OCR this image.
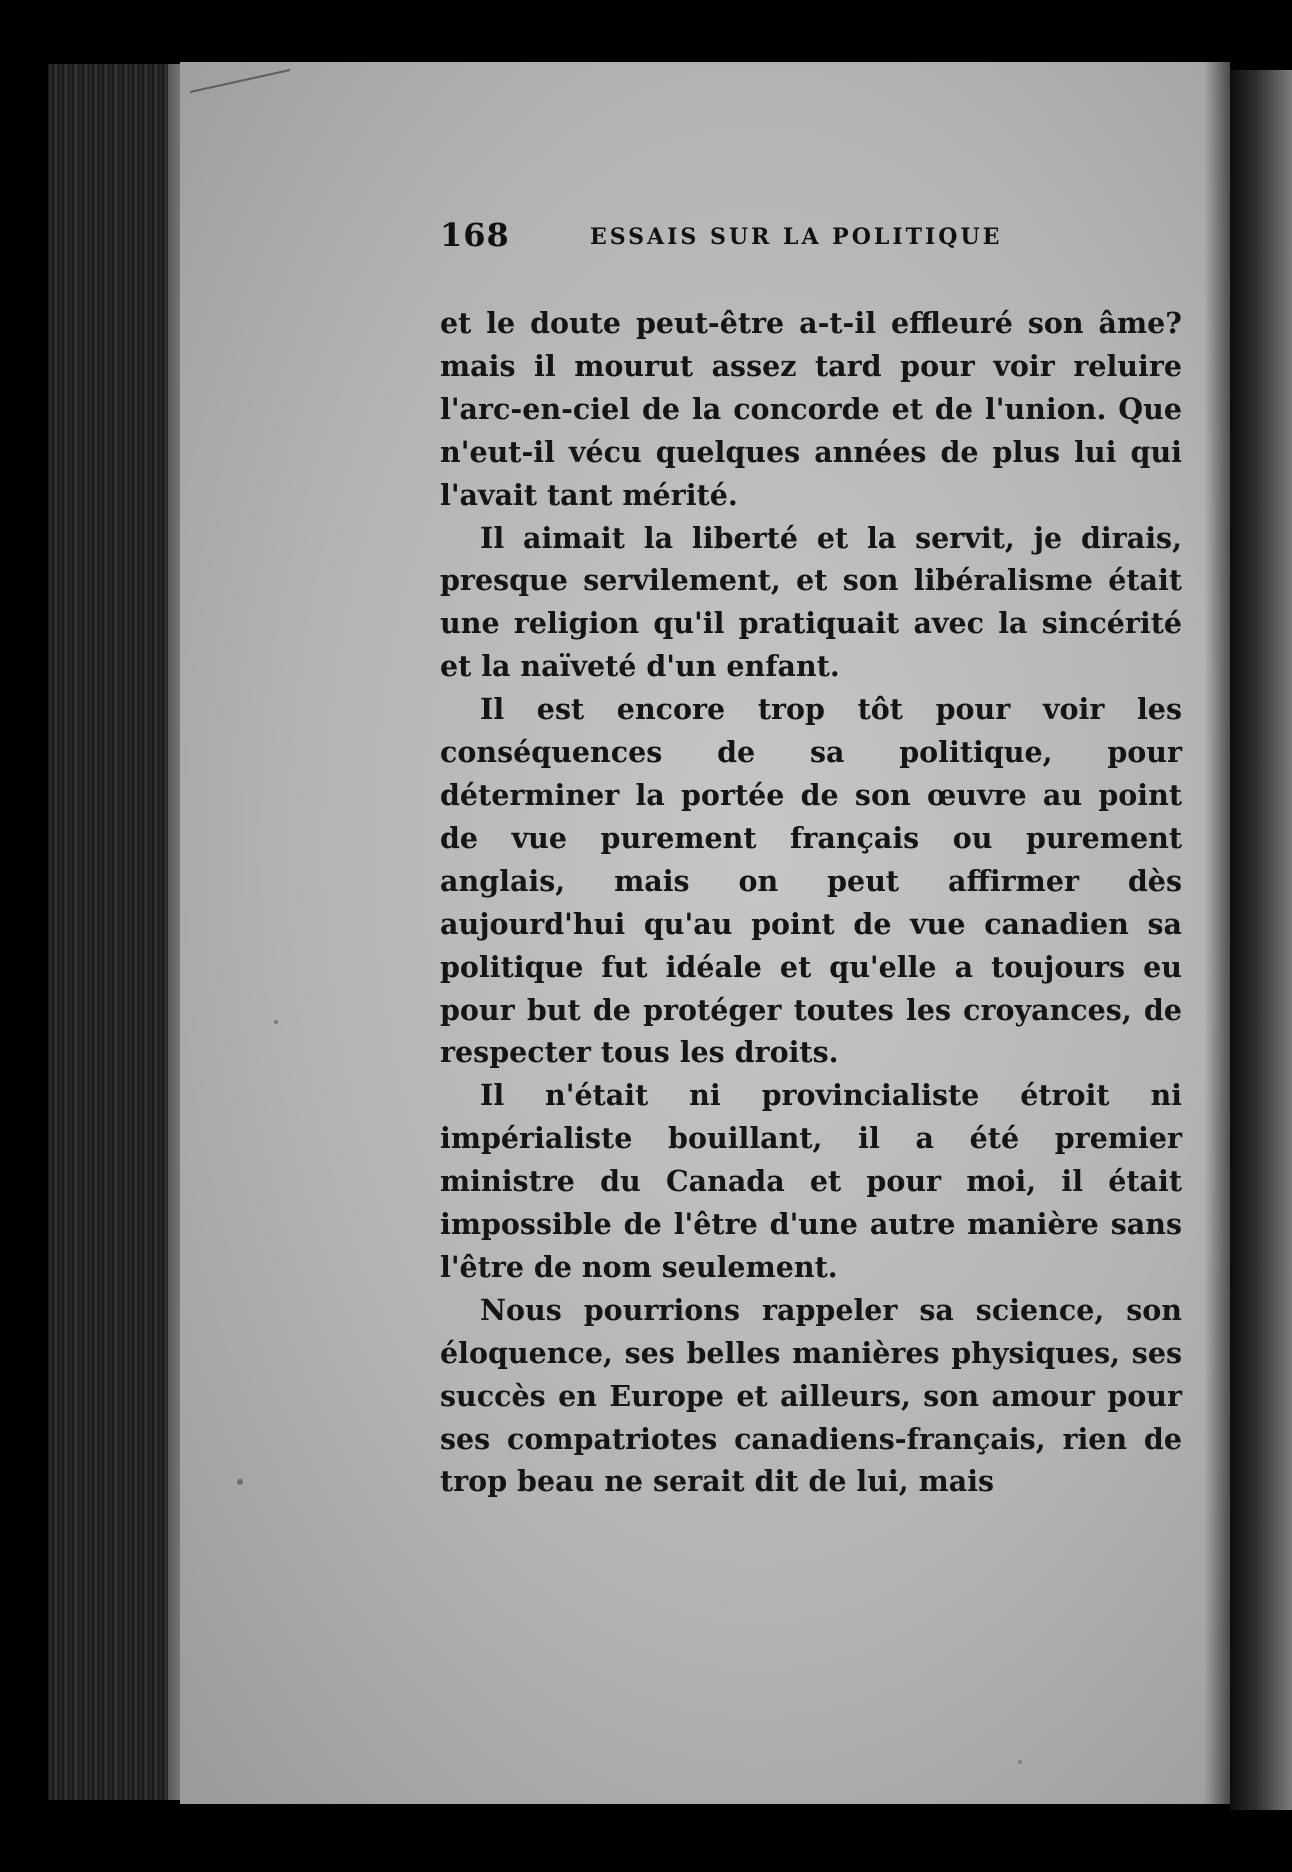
168	ESSAIS SUR LA POLITIQUE

et le doute peut-être a-t-il effleuré son âme? mais il mourut assez tard pour voir reluire l'arc-en-ciel de la concorde et de l'union. Que n'eut-il vécu quelques années de plus lui qui l'avait tant mérité.

Il aimait la liberté et la servit, je dirais, presque servilement, et son libéralisme était une religion qu'il pratiquait avec la sincérité et la naïveté d'un enfant.

Il est encore trop tôt pour voir les conséquences de sa politique, pour déterminer la portée de son œuvre au point de vue purement français ou purement anglais, mais on peut affirmer dès aujourd'hui qu'au point de vue canadien sa politique fut idéale et qu'elle a toujours eu pour but de protéger toutes les croyances, de respecter tous les droits.

Il n'était ni provincialiste étroit ni impérialiste bouillant, il a été premier ministre du Canada et pour moi, il était impossible de l'être d'une autre manière sans l'être de nom seulement.

Nous pourrions rappeler sa science, son éloquence, ses belles manières physiques, ses succès en Europe et ailleurs, son amour pour ses compatriotes canadiens-français, rien de trop beau ne serait dit de lui, mais
